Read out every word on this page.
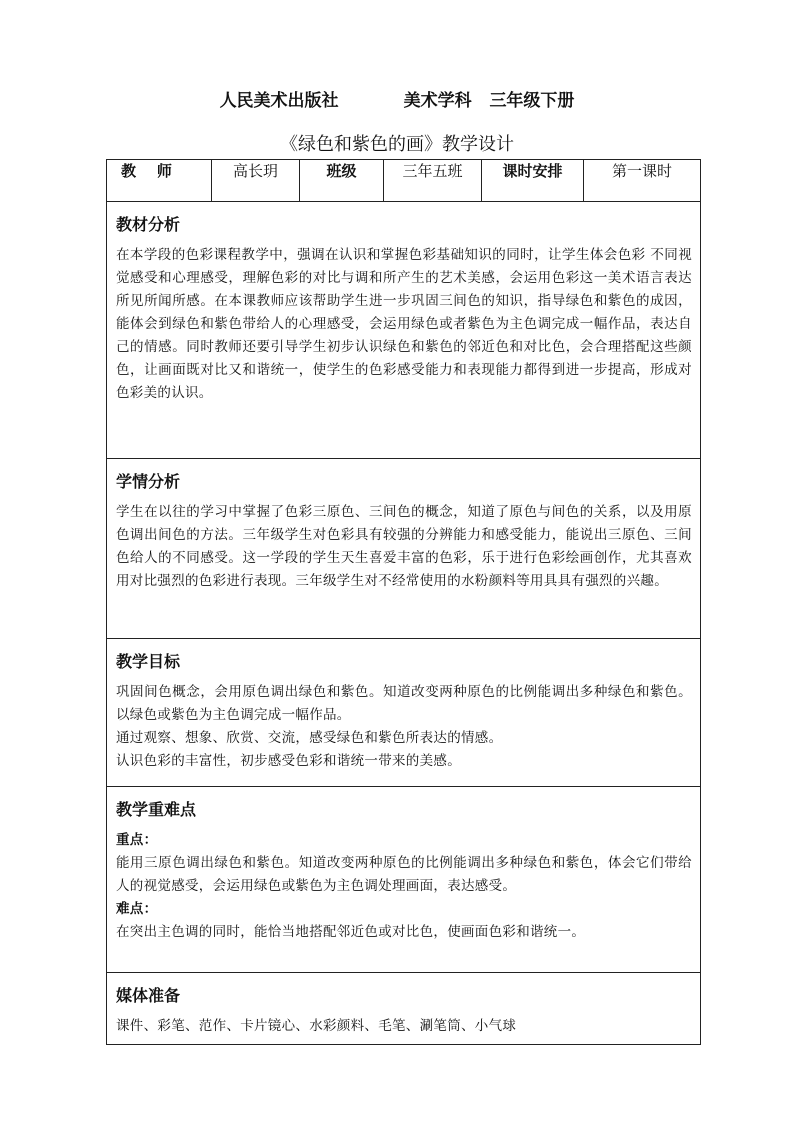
人民美术出版社	美术学科 三年级下册
《绿色和紫色的画》教学设计
教    师	高长玥	班级	三年五班	课时安排	第一课时

教材分析

在本学段的色彩课程教学中，强调在认识和掌握色彩基础知识的同时，让学生体会色彩 不同视觉感受和心理感受，理解色彩的对比与调和所产生的艺术美感，会运用色彩这一美术语言表达所见所闻所感。在本课教师应该帮助学生进一步巩固三间色的知识，指导绿色和紫色的成因，能体会到绿色和紫色带给人的心理感受，会运用绿色或者紫色为主色调完成一幅作品，表达自己的情感。同时教师还要引导学生初步认识绿色和紫色的邻近色和对比色，会合理搭配这些颜色，让画面既对比又和谐统一，使学生的色彩感受能力和表现能力都得到进一步提高，形成对色彩美的认识。

学情分析

学生在以往的学习中掌握了色彩三原色、三间色的概念，知道了原色与间色的关系，以及用原色调出间色的方法。三年级学生对色彩具有较强的分辨能力和感受能力，能说出三原色、三间色给人的不同感受。这一学段的学生天生喜爱丰富的色彩，乐于进行色彩绘画创作，尤其喜欢用对比强烈的色彩进行表现。三年级学生对不经常使用的水粉颜料等用具具有强烈的兴趣。

教学目标

巩固间色概念，会用原色调出绿色和紫色。知道改变两种原色的比例能调出多种绿色和紫色。以绿色或紫色为主色调完成一幅作品。

通过观察、想象、欣赏、交流，感受绿色和紫色所表达的情感。

认识色彩的丰富性，初步感受色彩和谐统一带来的美感。

教学重难点
重点：

能用三原色调出绿色和紫色。知道改变两种原色的比例能调出多种绿色和紫色，体会它们带给人的视觉感受，会运用绿色或紫色为主色调处理画面，表达感受。

难点：

在突出主色调的同时，能恰当地搭配邻近色或对比色，使画面色彩和谐统一。

媒体准备

课件、彩笔、范作、卡片镜心、水彩颜料、毛笔、涮笔筒、小气球
